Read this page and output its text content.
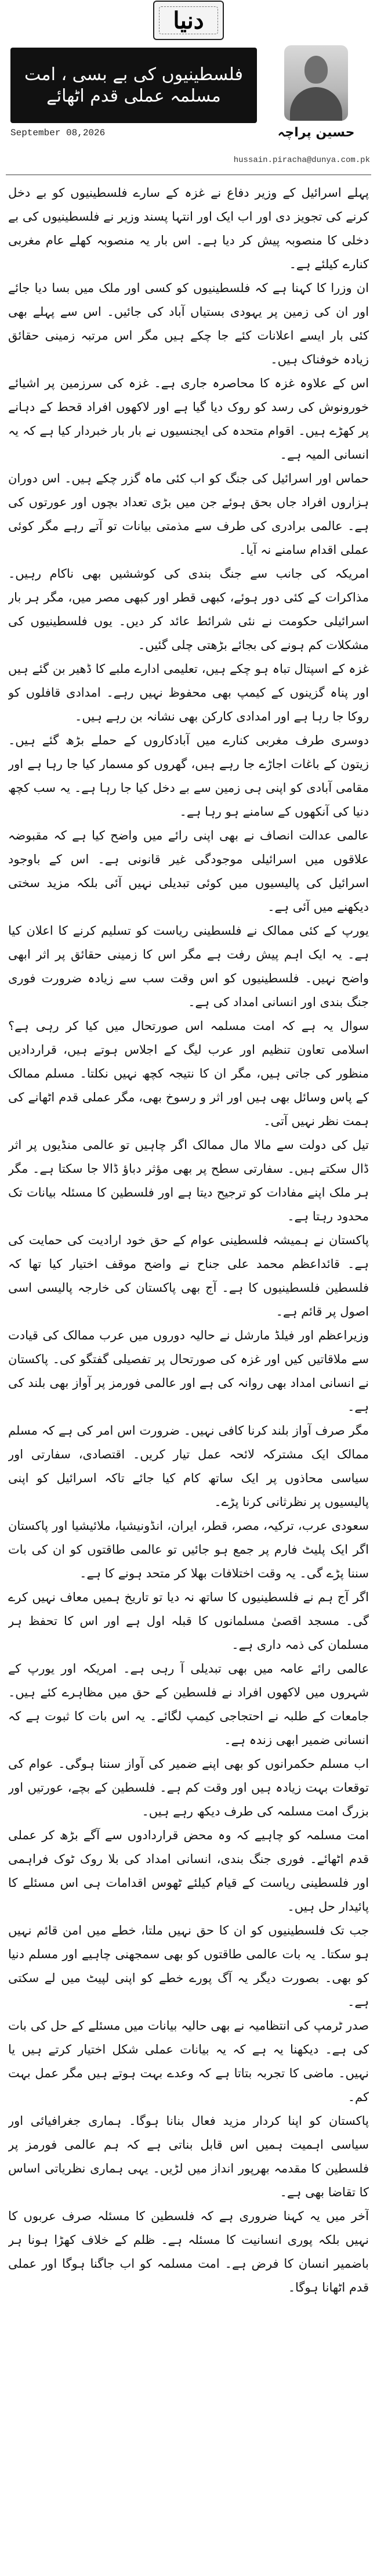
دنیا
فلسطینیوں کی بے بسی ، امت مسلمہ عملی قدم اٹھائے
September 08,2026	حسین پراچہ
hussain.piracha@dunya.com.pk

پہلے اسرائیل کے وزیر دفاع نے غزہ کے سارے فلسطینیوں کو بے دخل کرنے کی تجویز دی اور اب ایک اور انتہا پسند وزیر نے فلسطینیوں کی بے دخلی کا منصوبہ پیش کر دیا ہے۔ اس بار یہ منصوبہ کھلے عام مغربی کنارے کیلئے ہے۔

ان وزرا کا کہنا ہے کہ فلسطینیوں کو کسی اور ملک میں بسا دیا جائے اور ان کی زمین پر یہودی بستیاں آباد کی جائیں۔ اس سے پہلے بھی کئی بار ایسے اعلانات کئے جا چکے ہیں مگر اس مرتبہ زمینی حقائق زیادہ خوفناک ہیں۔

اس کے علاوہ غزہ کا محاصرہ جاری ہے۔ غزہ کی سرزمین پر اشیائے خورونوش کی رسد کو روک دیا گیا ہے اور لاکھوں افراد قحط کے دہانے پر کھڑے ہیں۔ اقوام متحدہ کی ایجنسیوں نے بار بار خبردار کیا ہے کہ یہ انسانی المیہ ہے۔

حماس اور اسرائیل کی جنگ کو اب کئی ماہ گزر چکے ہیں۔ اس دوران ہزاروں افراد جاں بحق ہوئے جن میں بڑی تعداد بچوں اور عورتوں کی ہے۔ عالمی برادری کی طرف سے مذمتی بیانات تو آتے رہے مگر کوئی عملی اقدام سامنے نہ آیا۔

امریکہ کی جانب سے جنگ بندی کی کوششیں بھی ناکام رہیں۔ مذاکرات کے کئی دور ہوئے، کبھی قطر اور کبھی مصر میں، مگر ہر بار اسرائیلی حکومت نے نئی شرائط عائد کر دیں۔ یوں فلسطینیوں کی مشکلات کم ہونے کی بجائے بڑھتی چلی گئیں۔

غزہ کے اسپتال تباہ ہو چکے ہیں، تعلیمی ادارے ملبے کا ڈھیر بن گئے ہیں اور پناہ گزینوں کے کیمپ بھی محفوظ نہیں رہے۔ امدادی قافلوں کو روکا جا رہا ہے اور امدادی کارکن بھی نشانہ بن رہے ہیں۔

دوسری طرف مغربی کنارے میں آبادکاروں کے حملے بڑھ گئے ہیں۔ زیتون کے باغات اجاڑے جا رہے ہیں، گھروں کو مسمار کیا جا رہا ہے اور مقامی آبادی کو اپنی ہی زمین سے بے دخل کیا جا رہا ہے۔ یہ سب کچھ دنیا کی آنکھوں کے سامنے ہو رہا ہے۔

عالمی عدالت انصاف نے بھی اپنی رائے میں واضح کیا ہے کہ مقبوضہ علاقوں میں اسرائیلی موجودگی غیر قانونی ہے۔ اس کے باوجود اسرائیل کی پالیسیوں میں کوئی تبدیلی نہیں آئی بلکہ مزید سختی دیکھنے میں آئی ہے۔

یورپ کے کئی ممالک نے فلسطینی ریاست کو تسلیم کرنے کا اعلان کیا ہے۔ یہ ایک اہم پیش رفت ہے مگر اس کا زمینی حقائق پر اثر ابھی واضح نہیں۔ فلسطینیوں کو اس وقت سب سے زیادہ ضرورت فوری جنگ بندی اور انسانی امداد کی ہے۔

سوال یہ ہے کہ امت مسلمہ اس صورتحال میں کیا کر رہی ہے؟ اسلامی تعاون تنظیم اور عرب لیگ کے اجلاس ہوتے ہیں، قراردادیں منظور کی جاتی ہیں، مگر ان کا نتیجہ کچھ نہیں نکلتا۔ مسلم ممالک کے پاس وسائل بھی ہیں اور اثر و رسوخ بھی، مگر عملی قدم اٹھانے کی ہمت نظر نہیں آتی۔

تیل کی دولت سے مالا مال ممالک اگر چاہیں تو عالمی منڈیوں پر اثر ڈال سکتے ہیں۔ سفارتی سطح پر بھی مؤثر دباؤ ڈالا جا سکتا ہے۔ مگر ہر ملک اپنے مفادات کو ترجیح دیتا ہے اور فلسطین کا مسئلہ بیانات تک محدود رہتا ہے۔

پاکستان نے ہمیشہ فلسطینی عوام کے حق خود ارادیت کی حمایت کی ہے۔ قائداعظم محمد علی جناح نے واضح موقف اختیار کیا تھا کہ فلسطین فلسطینیوں کا ہے۔ آج بھی پاکستان کی خارجہ پالیسی اسی اصول پر قائم ہے۔

وزیراعظم اور فیلڈ مارشل نے حالیہ دوروں میں عرب ممالک کی قیادت سے ملاقاتیں کیں اور غزہ کی صورتحال پر تفصیلی گفتگو کی۔ پاکستان نے انسانی امداد بھی روانہ کی ہے اور عالمی فورمز پر آواز بھی بلند کی ہے۔

مگر صرف آواز بلند کرنا کافی نہیں۔ ضرورت اس امر کی ہے کہ مسلم ممالک ایک مشترکہ لائحہ عمل تیار کریں۔ اقتصادی، سفارتی اور سیاسی محاذوں پر ایک ساتھ کام کیا جائے تاکہ اسرائیل کو اپنی پالیسیوں پر نظرثانی کرنا پڑے۔

سعودی عرب، ترکیہ، مصر، قطر، ایران، انڈونیشیا، ملائیشیا اور پاکستان اگر ایک پلیٹ فارم پر جمع ہو جائیں تو عالمی طاقتوں کو ان کی بات سننا پڑے گی۔ یہ وقت اختلافات بھلا کر متحد ہونے کا ہے۔

اگر آج ہم نے فلسطینیوں کا ساتھ نہ دیا تو تاریخ ہمیں معاف نہیں کرے گی۔ مسجد اقصیٰ مسلمانوں کا قبلہ اول ہے اور اس کا تحفظ ہر مسلمان کی ذمہ داری ہے۔

عالمی رائے عامہ میں بھی تبدیلی آ رہی ہے۔ امریکہ اور یورپ کے شہروں میں لاکھوں افراد نے فلسطین کے حق میں مظاہرے کئے ہیں۔ جامعات کے طلبہ نے احتجاجی کیمپ لگائے۔ یہ اس بات کا ثبوت ہے کہ انسانی ضمیر ابھی زندہ ہے۔

اب مسلم حکمرانوں کو بھی اپنے ضمیر کی آواز سننا ہوگی۔ عوام کی توقعات بہت زیادہ ہیں اور وقت کم ہے۔ فلسطین کے بچے، عورتیں اور بزرگ امت مسلمہ کی طرف دیکھ رہے ہیں۔

امت مسلمہ کو چاہیے کہ وہ محض قراردادوں سے آگے بڑھ کر عملی قدم اٹھائے۔ فوری جنگ بندی، انسانی امداد کی بلا روک ٹوک فراہمی اور فلسطینی ریاست کے قیام کیلئے ٹھوس اقدامات ہی اس مسئلے کا پائیدار حل ہیں۔

جب تک فلسطینیوں کو ان کا حق نہیں ملتا، خطے میں امن قائم نہیں ہو سکتا۔ یہ بات عالمی طاقتوں کو بھی سمجھنی چاہیے اور مسلم دنیا کو بھی۔ بصورت دیگر یہ آگ پورے خطے کو اپنی لپیٹ میں لے سکتی ہے۔

صدر ٹرمپ کی انتظامیہ نے بھی حالیہ بیانات میں مسئلے کے حل کی بات کی ہے۔ دیکھنا یہ ہے کہ یہ بیانات عملی شکل اختیار کرتے ہیں یا نہیں۔ ماضی کا تجربہ بتاتا ہے کہ وعدے بہت ہوتے ہیں مگر عمل بہت کم۔

پاکستان کو اپنا کردار مزید فعال بنانا ہوگا۔ ہماری جغرافیائی اور سیاسی اہمیت ہمیں اس قابل بناتی ہے کہ ہم عالمی فورمز پر فلسطین کا مقدمہ بھرپور انداز میں لڑیں۔ یہی ہماری نظریاتی اساس کا تقاضا بھی ہے۔

آخر میں یہ کہنا ضروری ہے کہ فلسطین کا مسئلہ صرف عربوں کا نہیں بلکہ پوری انسانیت کا مسئلہ ہے۔ ظلم کے خلاف کھڑا ہونا ہر باضمیر انسان کا فرض ہے۔ امت مسلمہ کو اب جاگنا ہوگا اور عملی قدم اٹھانا ہوگا۔
